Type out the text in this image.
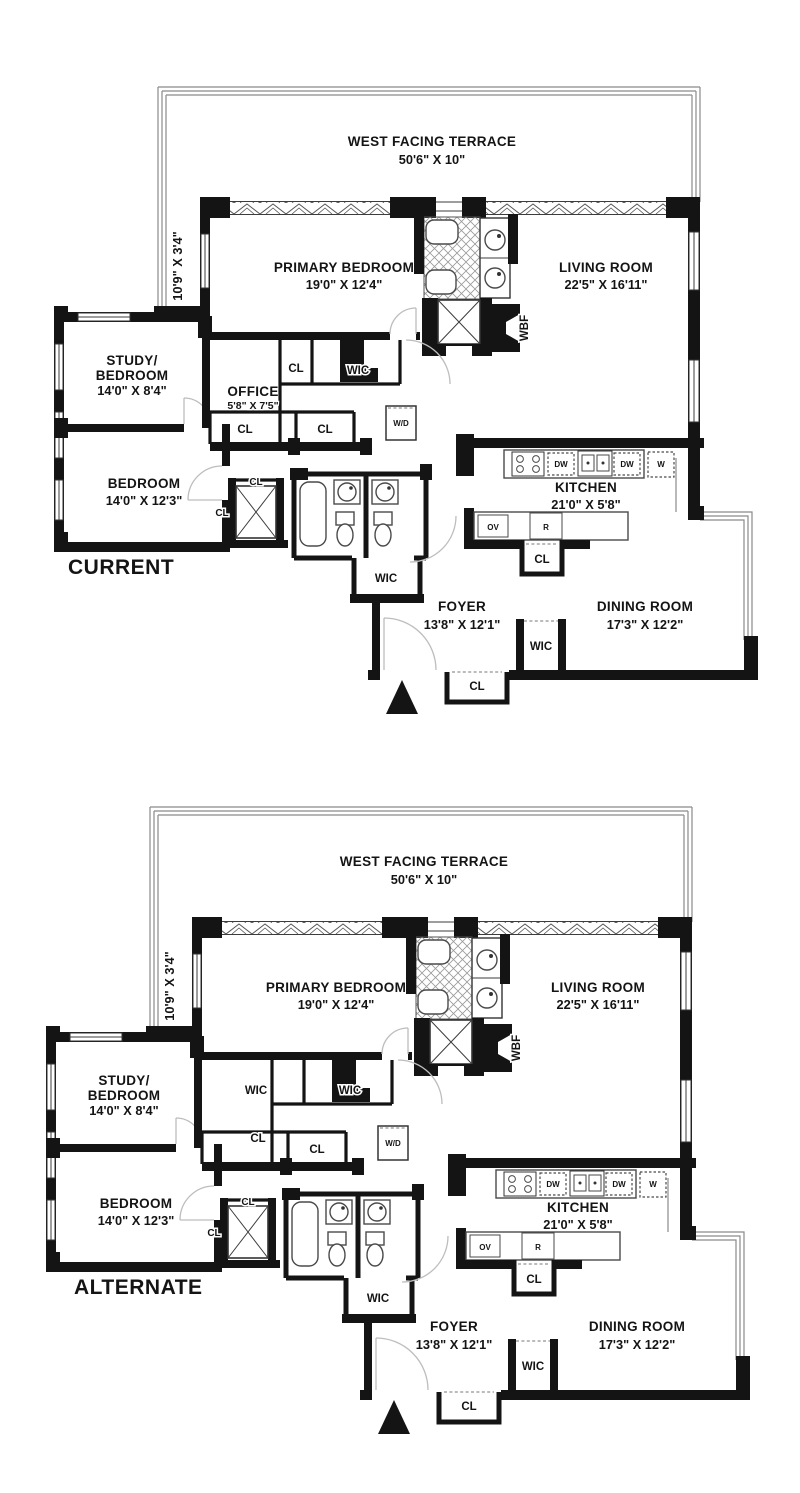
WEST FACING TERRACE
50'6" X 10"
10'9" X 3'4"	PRIMARY BEDROOM
19'0" X 12'4"
LIVING ROOM
22'5" X 16'11"
WBF
STUDY/
BEDROOM
14'0" X 8'4"	OFFICE
5'8" X 7'5"
CL	WIC
CL	CL
W/D
BEDROOM
14'0" X 12'3"
CL
CL
CURRENT	WIC
KITCHEN
21'0" X 5'8"
OV	R
DW	DW	W
CL
FOYER
13'8" X 12'1"
DINING ROOM
17'3" X 12'2"
WIC
CL
WEST FACING TERRACE
50'6" X 10"
10'9" X 3'4"	PRIMARY BEDROOM
19'0" X 12'4"
LIVING ROOM
22'5" X 16'11"
WBF
STUDY/
BEDROOM
14'0" X 8'4"
WIC	WIC
CL
CL
W/D
BEDROOM
14'0" X 12'3"
CL
CL
ALTERNATE	WIC
KITCHEN
21'0" X 5'8"
OV	R
DW	DW	W
CL
FOYER
13'8" X 12'1"
DINING ROOM
17'3" X 12'2"
WIC
CL
